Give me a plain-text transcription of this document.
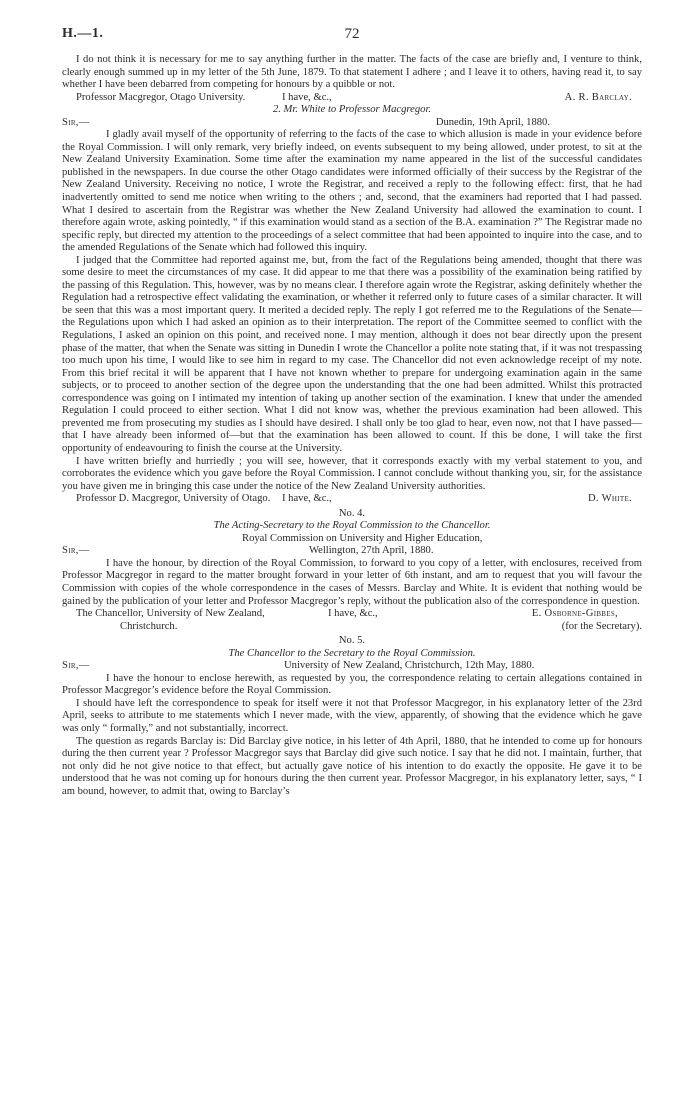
H.—1.	72

I do not think it is necessary for me to say anything further in the matter. The facts of the case are briefly and, I venture to think, clearly enough summed up in my letter of the 5th June, 1879. To that statement I adhere ; and I leave it to others, having read it, to say whether I have been debarred from competing for honours by a quibble or not.

Professor Macgregor, Otago University.	I have, &c.,	A. R. Barclay.
2. Mr. White to Professor Macgregor.
Sir,—	Dunedin, 19th April, 1880.

I gladly avail myself of the opportunity of referring to the facts of the case to which allusion is made in your evidence before the Royal Commission. I will only remark, very briefly indeed, on events subsequent to my being allowed, under protest, to sit at the New Zealand University Examination. Some time after the examination my name appeared in the list of the successful candidates published in the newspapers. In due course the other Otago candidates were informed officially of their success by the Registrar of the New Zealand University. Receiving no notice, I wrote the Registrar, and received a reply to the following effect: first, that he had inadvertently omitted to send me notice when writing to the others ; and, second, that the examiners had reported that I had passed. What I desired to ascertain from the Registrar was whether the New Zealand University had allowed the examination to count. I therefore again wrote, asking pointedly, “ if this examination would stand as a section of the B.A. examination ?” The Registrar made no specific reply, but directed my attention to the proceedings of a select committee that had been appointed to inquire into the case, and to the amended Regulations of the Senate which had followed this inquiry.

I judged that the Committee had reported against me, but, from the fact of the Regulations being amended, thought that there was some desire to meet the circumstances of my case. It did appear to me that there was a possibility of the examination being ratified by the passing of this Regulation. This, however, was by no means clear. I therefore again wrote the Registrar, asking definitely whether the Regulation had a retrospective effect validating the examination, or whether it referred only to future cases of a similar character. It will be seen that this was a most important query. It merited a decided reply. The reply I got referred me to the Regulations of the Senate—the Regulations upon which I had asked an opinion as to their interpretation. The report of the Committee seemed to conflict with the Regulations, I asked an opinion on this point, and received none. I may mention, although it does not bear directly upon the present phase of the matter, that when the Senate was sitting in Dunedin I wrote the Chancellor a polite note stating that, if it was not trespassing too much upon his time, I would like to see him in regard to my case. The Chancellor did not even acknowledge receipt of my note. From this brief recital it will be apparent that I have not known whether to prepare for undergoing examination again in the same subjects, or to proceed to another section of the degree upon the understanding that the one had been admitted. Whilst this protracted correspondence was going on I intimated my intention of taking up another section of the examination. I knew that under the amended Regulation I could proceed to either section. What I did not know was, whether the previous examination had been allowed. This prevented me from prosecuting my studies as I should have desired. I shall only be too glad to hear, even now, not that I have passed—that I have already been informed of—but that the examination has been allowed to count. If this be done, I will take the first opportunity of endeavouring to finish the course at the University.

I have written briefly and hurriedly ; you will see, however, that it corresponds exactly with my verbal statement to you, and corroborates the evidence which you gave before the Royal Commission. I cannot conclude without thanking you, sir, for the assistance you have given me in bringing this case under the notice of the New Zealand University authorities.

Professor D. Macgregor, University of Otago. I have, &c.,	D. White.
No. 4.
The Acting-Secretary to the Royal Commission to the Chancellor.
Royal Commission on University and Higher Education,
Sir,—	Wellington, 27th April, 1880.

I have the honour, by direction of the Royal Commission, to forward to you copy of a letter, with enclosures, received from Professor Macgregor in regard to the matter brought forward in your letter of 6th instant, and am to request that you will favour the Commission with copies of the whole correspondence in the cases of Messrs. Barclay and White. It is evident that nothing would be gained by the publication of your letter and Professor Macgregor’s reply, without the publication also of the correspondence in question.

The Chancellor, University of New Zealand,	I have, &c.,	E. Osborne-Gibbes,
Christchurch.	(for the Secretary).
No. 5.
The Chancellor to the Secretary to the Royal Commission.
Sir,—	University of New Zealand, Christchurch, 12th May, 1880.

I have the honour to enclose herewith, as requested by you, the correspondence relating to certain allegations contained in Professor Macgregor’s evidence before the Royal Commission.

I should have left the correspondence to speak for itself were it not that Professor Macgregor, in his explanatory letter of the 23rd April, seeks to attribute to me statements which I never made, with the view, apparently, of showing that the evidence which he gave was only “ formally,” and not substantially, incorrect.

The question as regards Barclay is: Did Barclay give notice, in his letter of 4th April, 1880, that he intended to come up for honours during the then current year ? Professor Macgregor says that Barclay did give such notice. I say that he did not. I maintain, further, that not only did he not give notice to that effect, but actually gave notice of his intention to do exactly the opposite. He gave it to be understood that he was not coming up for honours during the then current year. Professor Macgregor, in his explanatory letter, says, “ I am bound, however, to admit that, owing to Barclay’s
